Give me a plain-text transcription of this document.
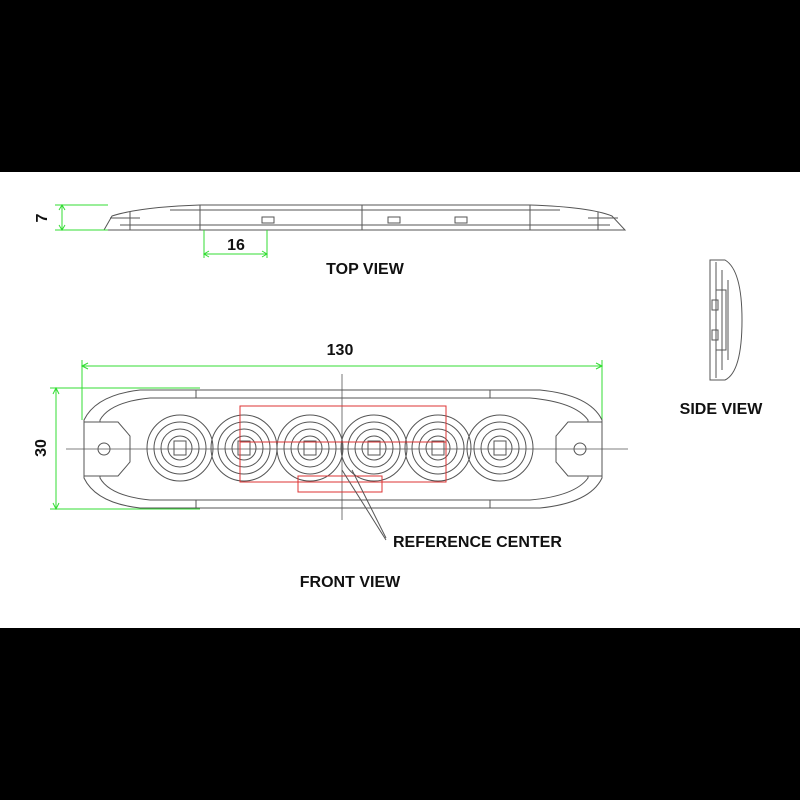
7
16
TOP VIEW
SIDE VIEW
130
30
REFERENCE CENTER
FRONT VIEW
